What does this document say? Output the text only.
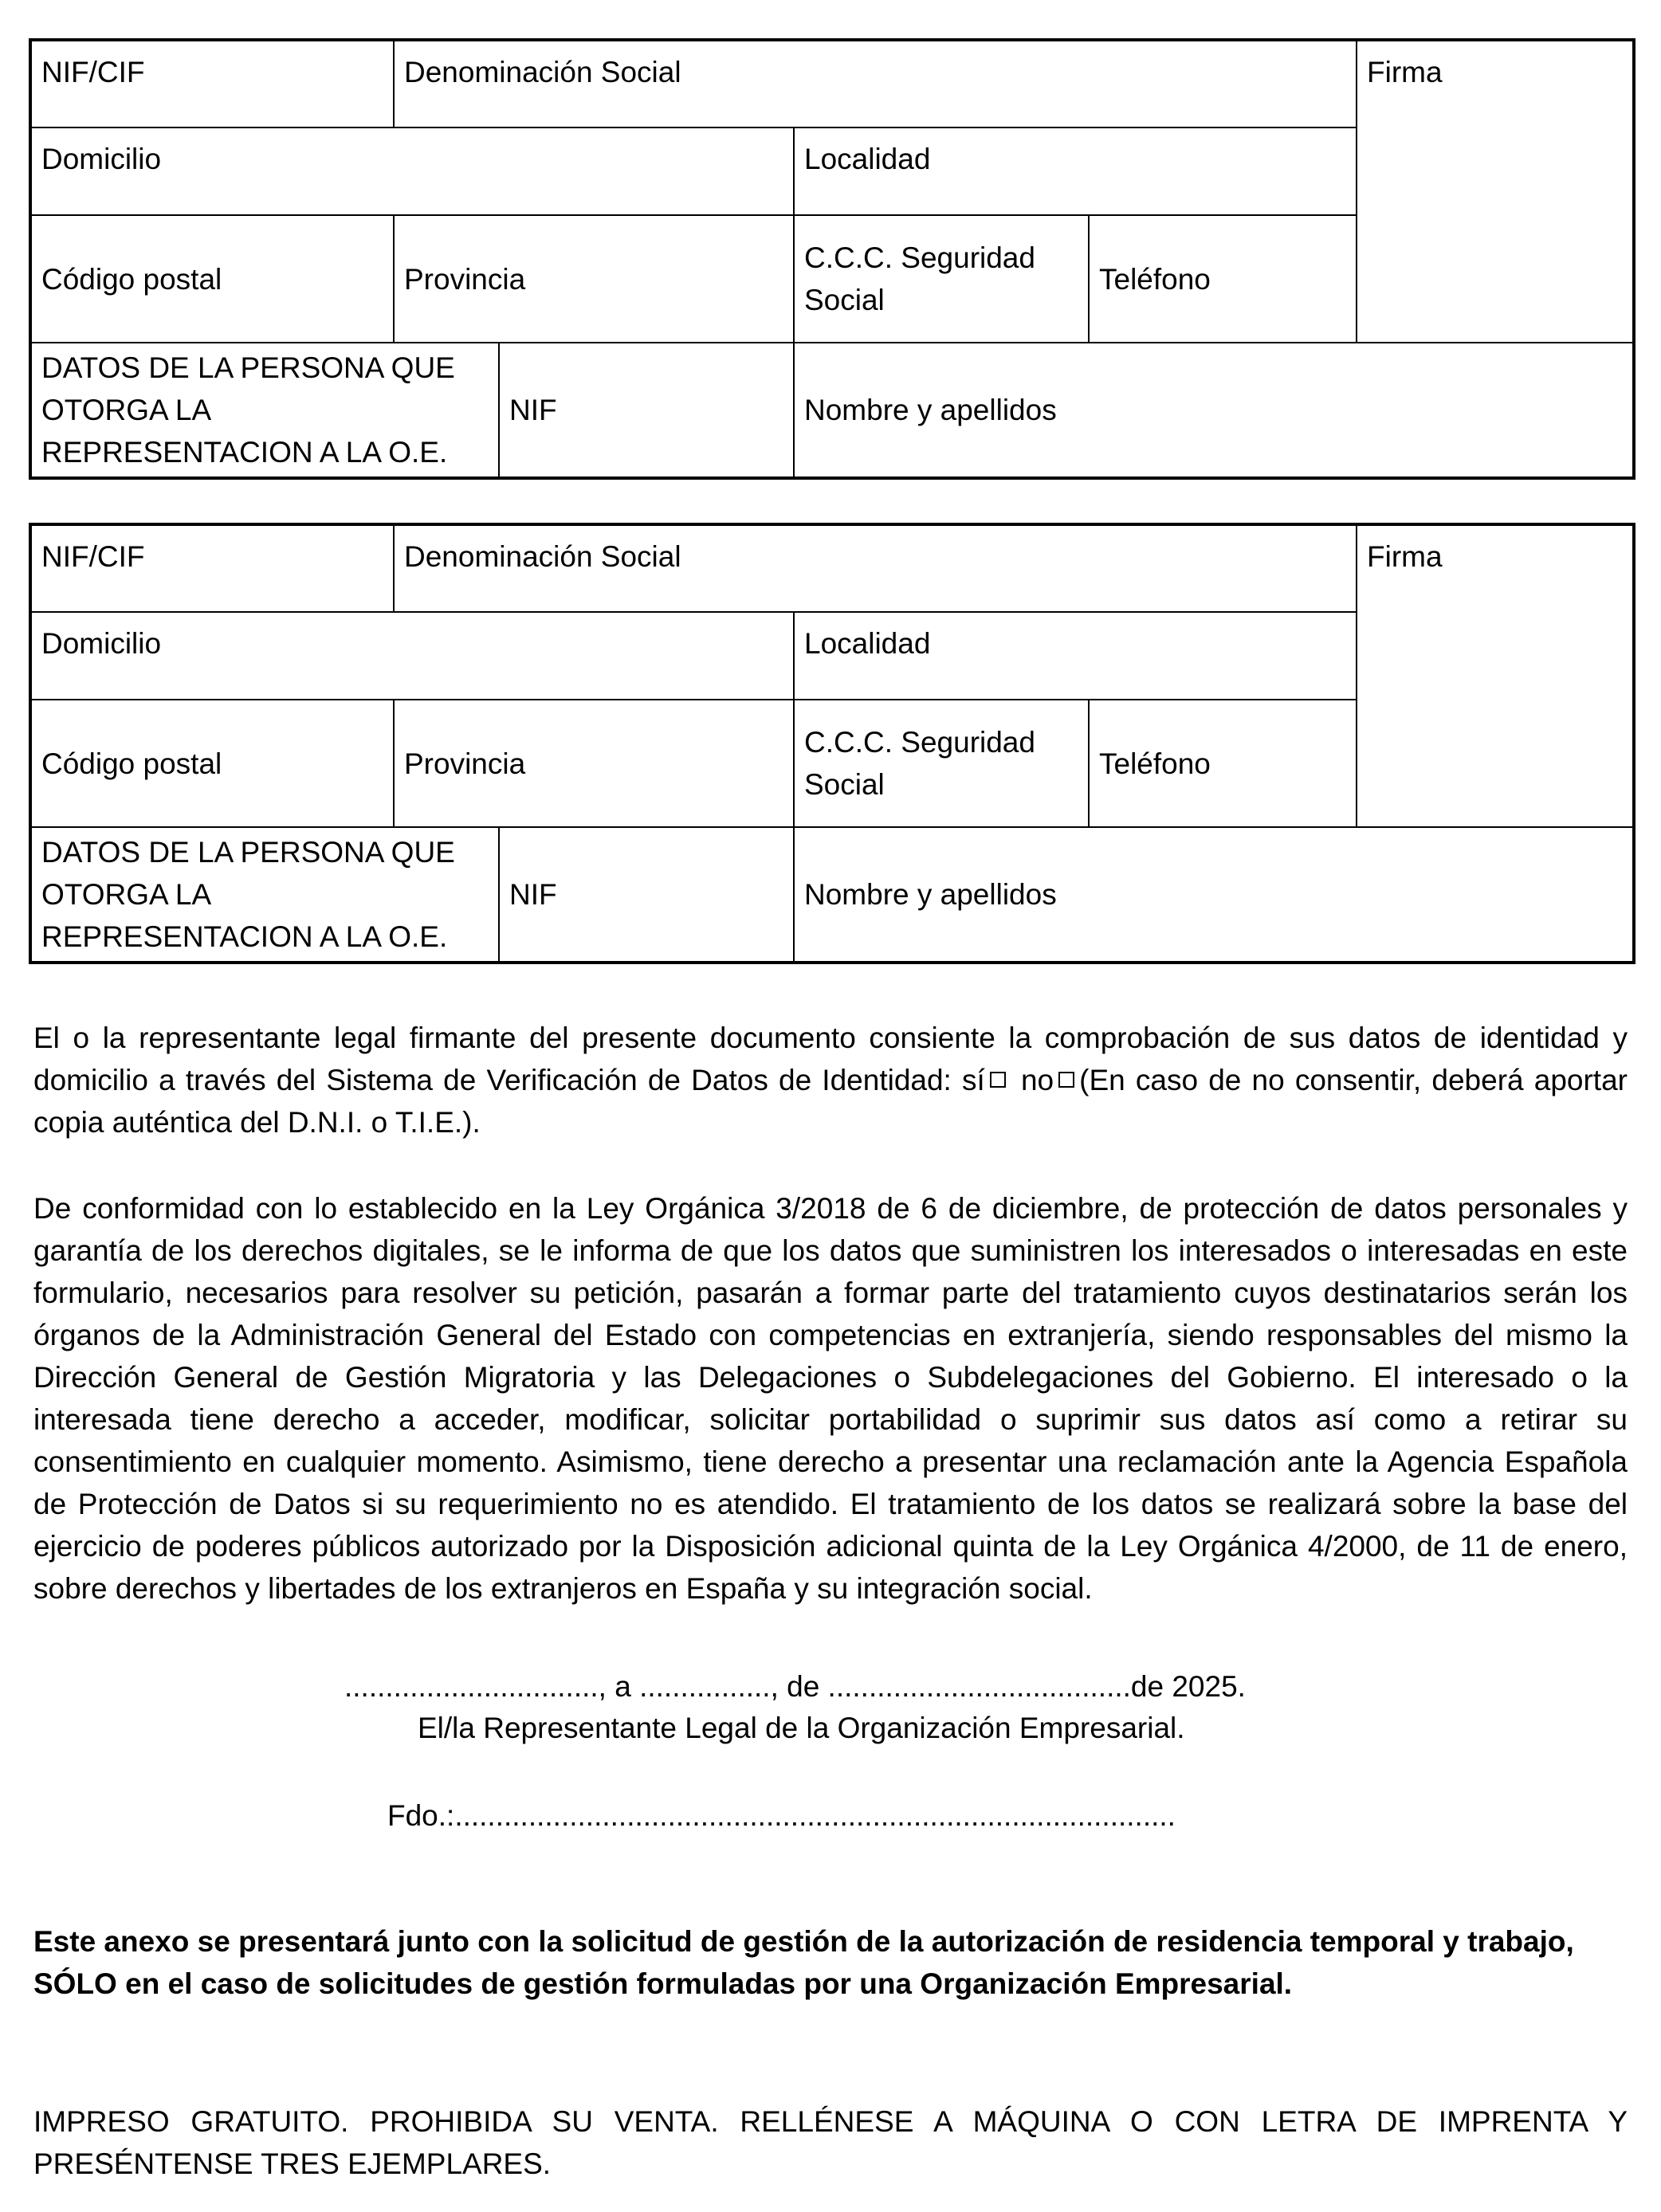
NIF/CIF	Denominación Social				Firma
Domicilio			Localidad		
Código postal	Provincia		C.C.C. Seguridad Social	Teléfono	
DATOS DE LA PERSONA QUE OTORGA LA REPRESENTACION A LA O.E.		NIF	Nombre y apellidos		
NIF/CIF	Denominación Social				Firma
Domicilio			Localidad		
Código postal	Provincia		C.C.C. Seguridad Social	Teléfono	
DATOS DE LA PERSONA QUE OTORGA LA REPRESENTACION A LA O.E.		NIF	Nombre y apellidos		

El o la representante legal firmante del presente documento consiente la comprobación de sus datos de identidad y domicilio a través del Sistema de Verificación de Datos de Identidad: sí no (En caso de no consentir, deberá aportar copia auténtica del D.N.I. o T.I.E.).

De conformidad con lo establecido en la Ley Orgánica 3/2018 de 6 de diciembre, de protección de datos personales y garantía de los derechos digitales, se le informa de que los datos que suministren los interesados o interesadas en este formulario, necesarios para resolver su petición, pasarán a formar parte del tratamiento cuyos destinatarios serán los órganos de la Administración General del Estado con competencias en extranjería, siendo responsables del mismo la Dirección General de Gestión Migratoria y las Delegaciones o Subdelegaciones del Gobierno. El interesado o la interesada tiene derecho a acceder, modificar, solicitar portabilidad o suprimir sus datos así como a retirar su consentimiento en cualquier momento. Asimismo, tiene derecho a presentar una reclamación ante la Agencia Española de Protección de Datos si su requerimiento no es atendido. El tratamiento de los datos se realizará sobre la base del ejercicio de poderes públicos autorizado por la Disposición adicional quinta de la Ley Orgánica 4/2000, de 11 de enero, sobre derechos y libertades de los extranjeros en España y su integración social.

..............................., a ................, de .....................................de 2025.
El/la Representante Legal de la Organización Empresarial.
Fdo.:........................................................................................

Este anexo se presentará junto con la solicitud de gestión de la autorización de residencia temporal y trabajo, SÓLO en el caso de solicitudes de gestión formuladas por una Organización Empresarial.

IMPRESO GRATUITO. PROHIBIDA SU VENTA. RELLÉNESE A MÁQUINA O CON LETRA DE IMPRENTA Y PRESÉNTENSE TRES EJEMPLARES.
